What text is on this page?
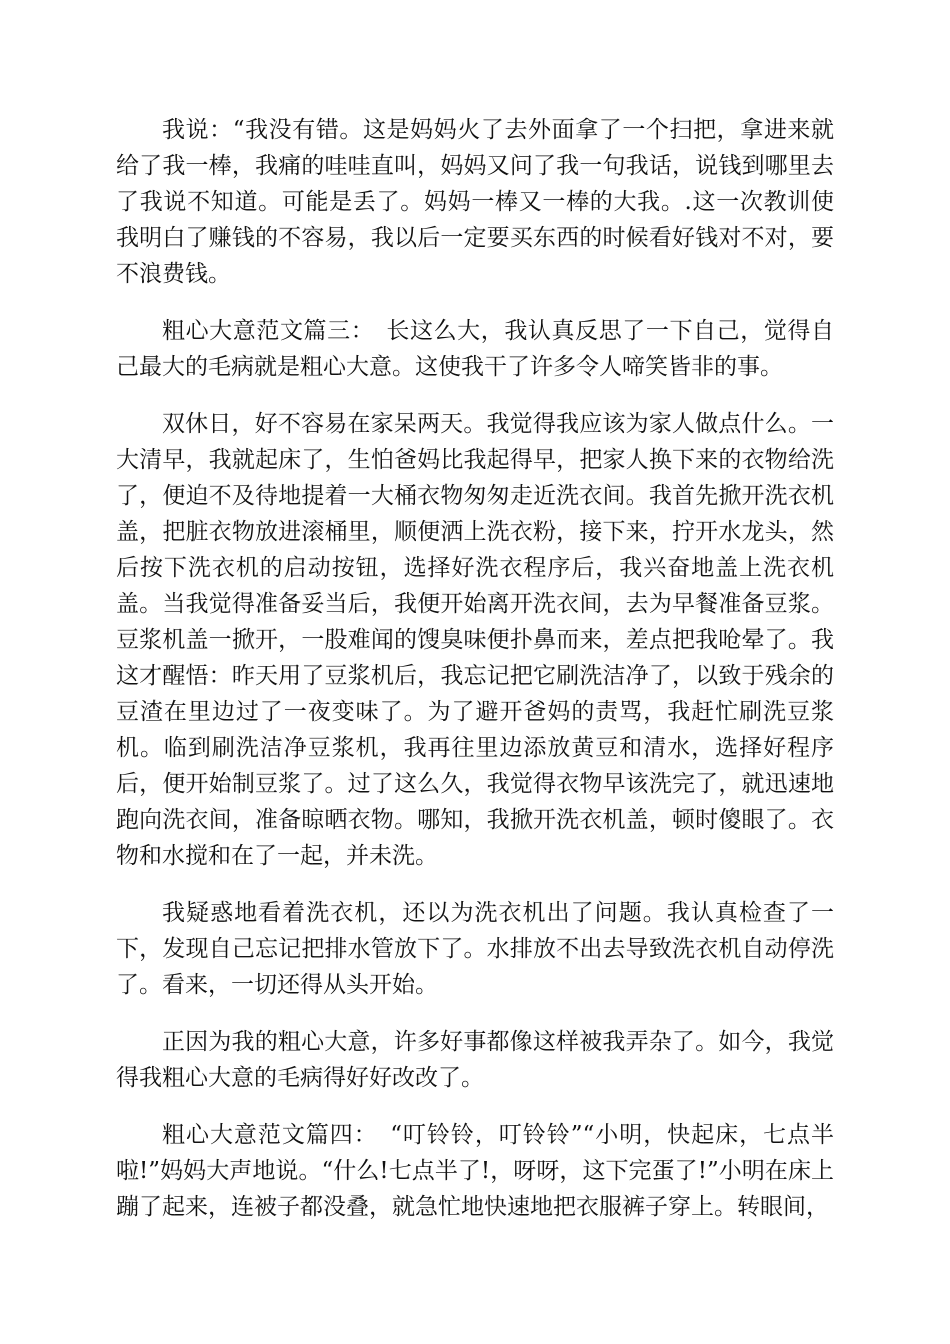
我说：“我没有错。这是妈妈火了去外面拿了一个扫把，拿进来就给了我一棒，我痛的哇哇直叫，妈妈又问了我一句我话，说钱到哪里去了我说不知道。可能是丢了。妈妈一棒又一棒的大我。.这一次教训使我明白了赚钱的不容易，我以后一定要买东西的时候看好钱对不对，要不浪费钱。

粗心大意范文篇三：　长这么大，我认真反思了一下自己，觉得自己最大的毛病就是粗心大意。这使我干了许多令人啼笑皆非的事。

双休日，好不容易在家呆两天。我觉得我应该为家人做点什么。一大清早，我就起床了，生怕爸妈比我起得早，把家人换下来的衣物给洗了，便迫不及待地提着一大桶衣物匆匆走近洗衣间。我首先掀开洗衣机盖，把脏衣物放进滚桶里，顺便洒上洗衣粉，接下来，拧开水龙头，然后按下洗衣机的启动按钮，选择好洗衣程序后，我兴奋地盖上洗衣机盖。当我觉得准备妥当后，我便开始离开洗衣间，去为早餐准备豆浆。豆浆机盖一掀开，一股难闻的馊臭味便扑鼻而来，差点把我呛晕了。我这才醒悟：昨天用了豆浆机后，我忘记把它刷洗洁净了，以致于残余的豆渣在里边过了一夜变味了。为了避开爸妈的责骂，我赶忙刷洗豆浆机。临到刷洗洁净豆浆机，我再往里边添放黄豆和清水，选择好程序后，便开始制豆浆了。过了这么久，我觉得衣物早该洗完了，就迅速地跑向洗衣间，准备晾晒衣物。哪知，我掀开洗衣机盖，顿时傻眼了。衣物和水搅和在了一起，并未洗。

我疑惑地看着洗衣机，还以为洗衣机出了问题。我认真检查了一下，发现自己忘记把排水管放下了。水排放不出去导致洗衣机自动停洗了。看来，一切还得从头开始。

正因为我的粗心大意，许多好事都像这样被我弄杂了。如今，我觉得我粗心大意的毛病得好好改改了。

粗心大意范文篇四：　“叮铃铃，叮铃铃”“小明，快起床，七点半啦!”妈妈大声地说。“什么!七点半了!，呀呀，这下完蛋了!”小明在床上蹦了起来，连被子都没叠，就急忙地快速地把衣服裤子穿上。转眼间，
